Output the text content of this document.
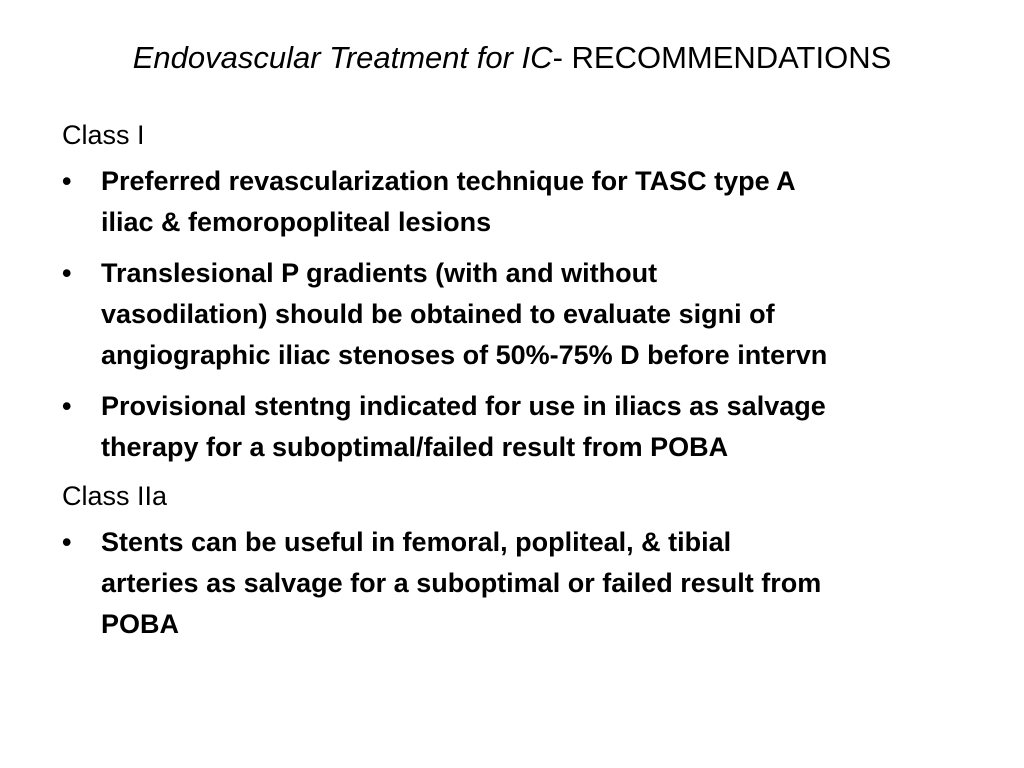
Endovascular Treatment for IC- RECOMMENDATIONS
Class I
• Preferred revascularization technique for TASC type A
iliac & femoropopliteal lesions
• Translesional P gradients (with and without
vasodilation) should be obtained to evaluate signi of
angiographic iliac stenoses of 50%-75% D before intervn
• Provisional stentng indicated for use in iliacs as salvage
therapy for a suboptimal/failed result from POBA
Class IIa
• Stents can be useful in femoral, popliteal, & tibial
arteries as salvage for a suboptimal or failed result from
POBA
